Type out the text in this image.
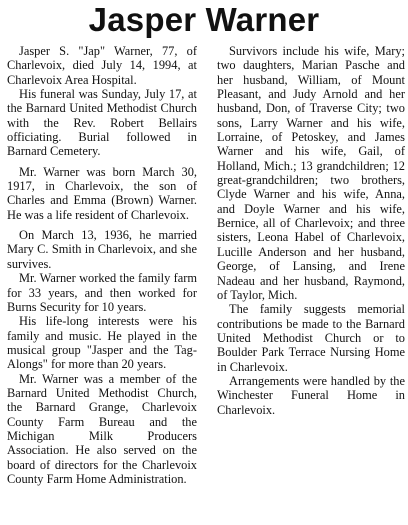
Jasper Warner

Jasper S. "Jap" Warner, 77, of Charlevoix, died July 14, 1994, at Charlevoix Area Hospital.

His funeral was Sunday, July 17, at the Barnard United Methodist Church with the Rev. Robert Bellairs officiating. Burial followed in Barnard Cemetery.

Mr. Warner was born March 30, 1917, in Charlevoix, the son of Charles and Emma (Brown) Warner. He was a life resident of Charlevoix.

On March 13, 1936, he married Mary C. Smith in Charlevoix, and she survives.

Mr. Warner worked the family farm for 33 years, and then worked for Burns Security for 10 years.

His life-long interests were his family and music. He played in the musical group "Jasper and the Tag-Alongs" for more than 20 years.

Mr. Warner was a member of the Barnard United Methodist Church, the Barnard Grange, Charlevoix County Farm Bureau and the Michigan Milk Producers Association. He also served on the board of directors for the Charlevoix County Farm Home Administration.

Survivors include his wife, Mary; two daughters, Marian Pasche and her husband, William, of Mount Pleasant, and Judy Arnold and her husband, Don, of Traverse City; two sons, Larry Warner and his wife, Lorraine, of Petoskey, and James Warner and his wife, Gail, of Holland, Mich.; 13 grandchildren; 12 great-grandchildren; two brothers, Clyde Warner and his wife, Anna, and Doyle Warner and his wife, Bernice, all of Charlevoix; and three sisters, Leona Habel of Charlevoix, Lucille Anderson and her husband, George, of Lansing, and Irene Nadeau and her husband, Raymond, of Taylor, Mich.

The family suggests memorial contributions be made to the Barnard United Methodist Church or to Boulder Park Terrace Nursing Home in Charlevoix.

Arrangements were handled by the Winchester Funeral Home in Charlevoix.
